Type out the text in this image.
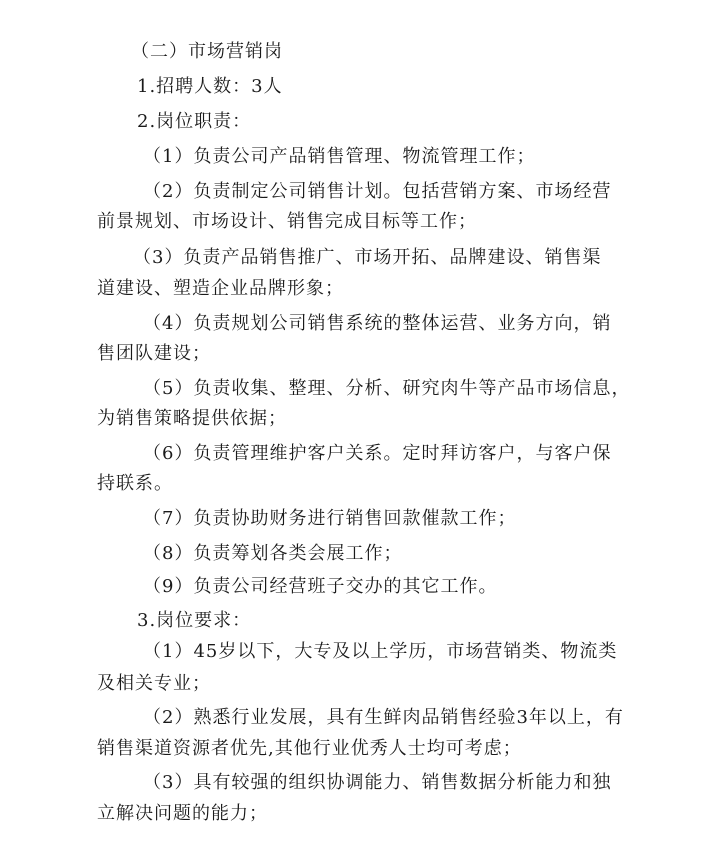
（二）市场营销岗
1.招聘人数：3人
2.岗位职责：
（1）负责公司产品销售管理、物流管理工作；
（2）负责制定公司销售计划。包括营销方案、市场经营
前景规划、市场设计、销售完成目标等工作；
（3）负责产品销售推广、市场开拓、品牌建设、销售渠
道建设、塑造企业品牌形象；
（4）负责规划公司销售系统的整体运营、业务方向，销
售团队建设；
（5）负责收集、整理、分析、研究肉牛等产品市场信息，
为销售策略提供依据；
（6）负责管理维护客户关系。定时拜访客户，与客户保
持联系。
（7）负责协助财务进行销售回款催款工作；
（8）负责筹划各类会展工作；
（9）负责公司经营班子交办的其它工作。
3.岗位要求：
（1）45岁以下，大专及以上学历，市场营销类、物流类
及相关专业；
（2）熟悉行业发展，具有生鲜肉品销售经验3年以上，有
销售渠道资源者优先,其他行业优秀人士均可考虑；
（3）具有较强的组织协调能力、销售数据分析能力和独
立解决问题的能力；
